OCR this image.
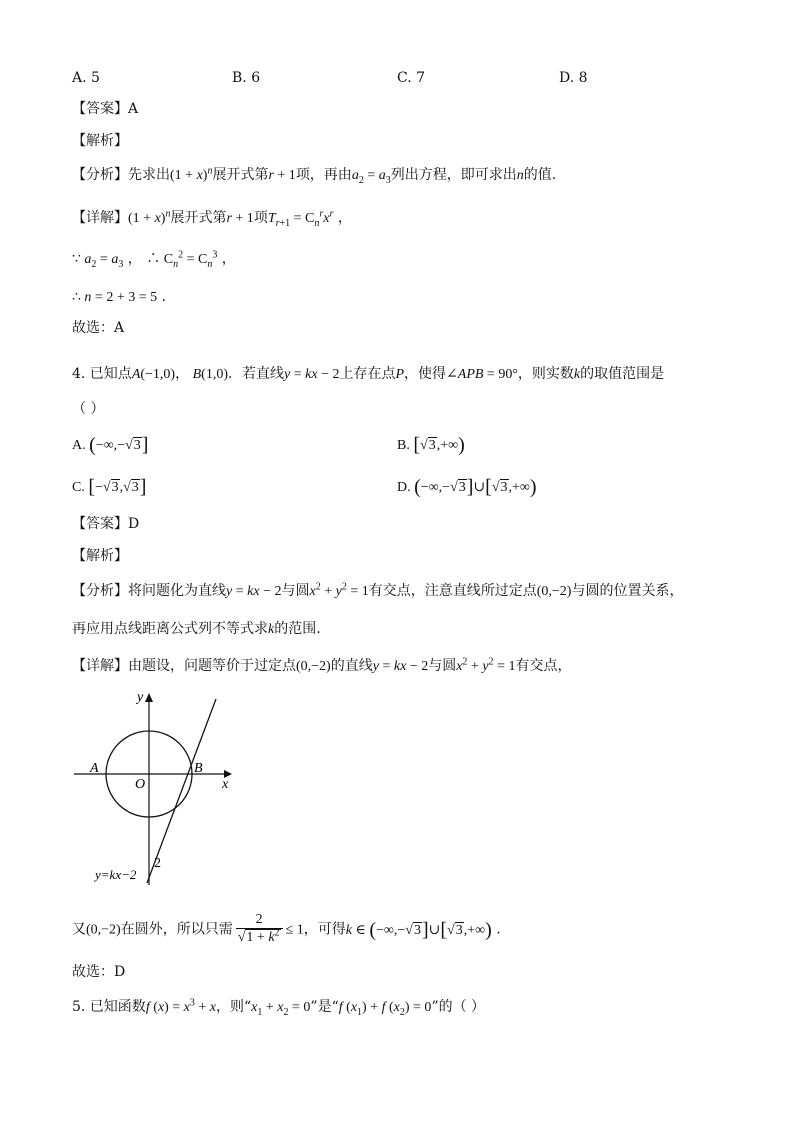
A. 5	B. 6	C. 7	D. 8
【答案】A
【解析】
【分析】先求出$(1 + x)^n$展开式第r + 1项，再由$a_2 = a_3$列出方程，即可求出n的值.
【详解】$(1 + x)^n$展开式第r + 1项$T_{r+1} = C_n^rx^r$ ，
∵ $a_2 = a_3$ ， ∴ $C_n^2 = C_n^3$ ，
∴ n = 2 + 3 = 5 .
故选：A
4. 已知点A(−1,0)， B(1,0)．若直线y = kx − 2上存在点P，使得∠APB = 90°，则实数k的取值范围是
（ ）
A. (−∞,−√3]	B. [√3,+∞)
C. [−√3,√3]	D. (−∞,−√3]∪[√3,+∞)
【答案】D
【解析】
【分析】将问题化为直线y = kx − 2与圆$x^2 + y^2 = 1$有交点，注意直线所过定点(0,−2)与圆的位置关系，
再应用点线距离公式列不等式求k的范围.
【详解】由题设，问题等价于过定点(0,−2)的直线y = kx − 2与圆$x^2 + y^2 = 1$有交点，
y
x
A	B
O
2
y=kx−2
又(0,−2)在圆外，所以只需 $\frac{2}{√1 + k^2} \le 1$，可得k ∈ (−∞,−√3]∪[√3,+∞) .
故选：D
5. 已知函数f $(x) = x^3 + x$，则“$x_1 + x_2 = 0$”是“f $(x_1) + f$ $(x_2) = 0$”的（ ）
